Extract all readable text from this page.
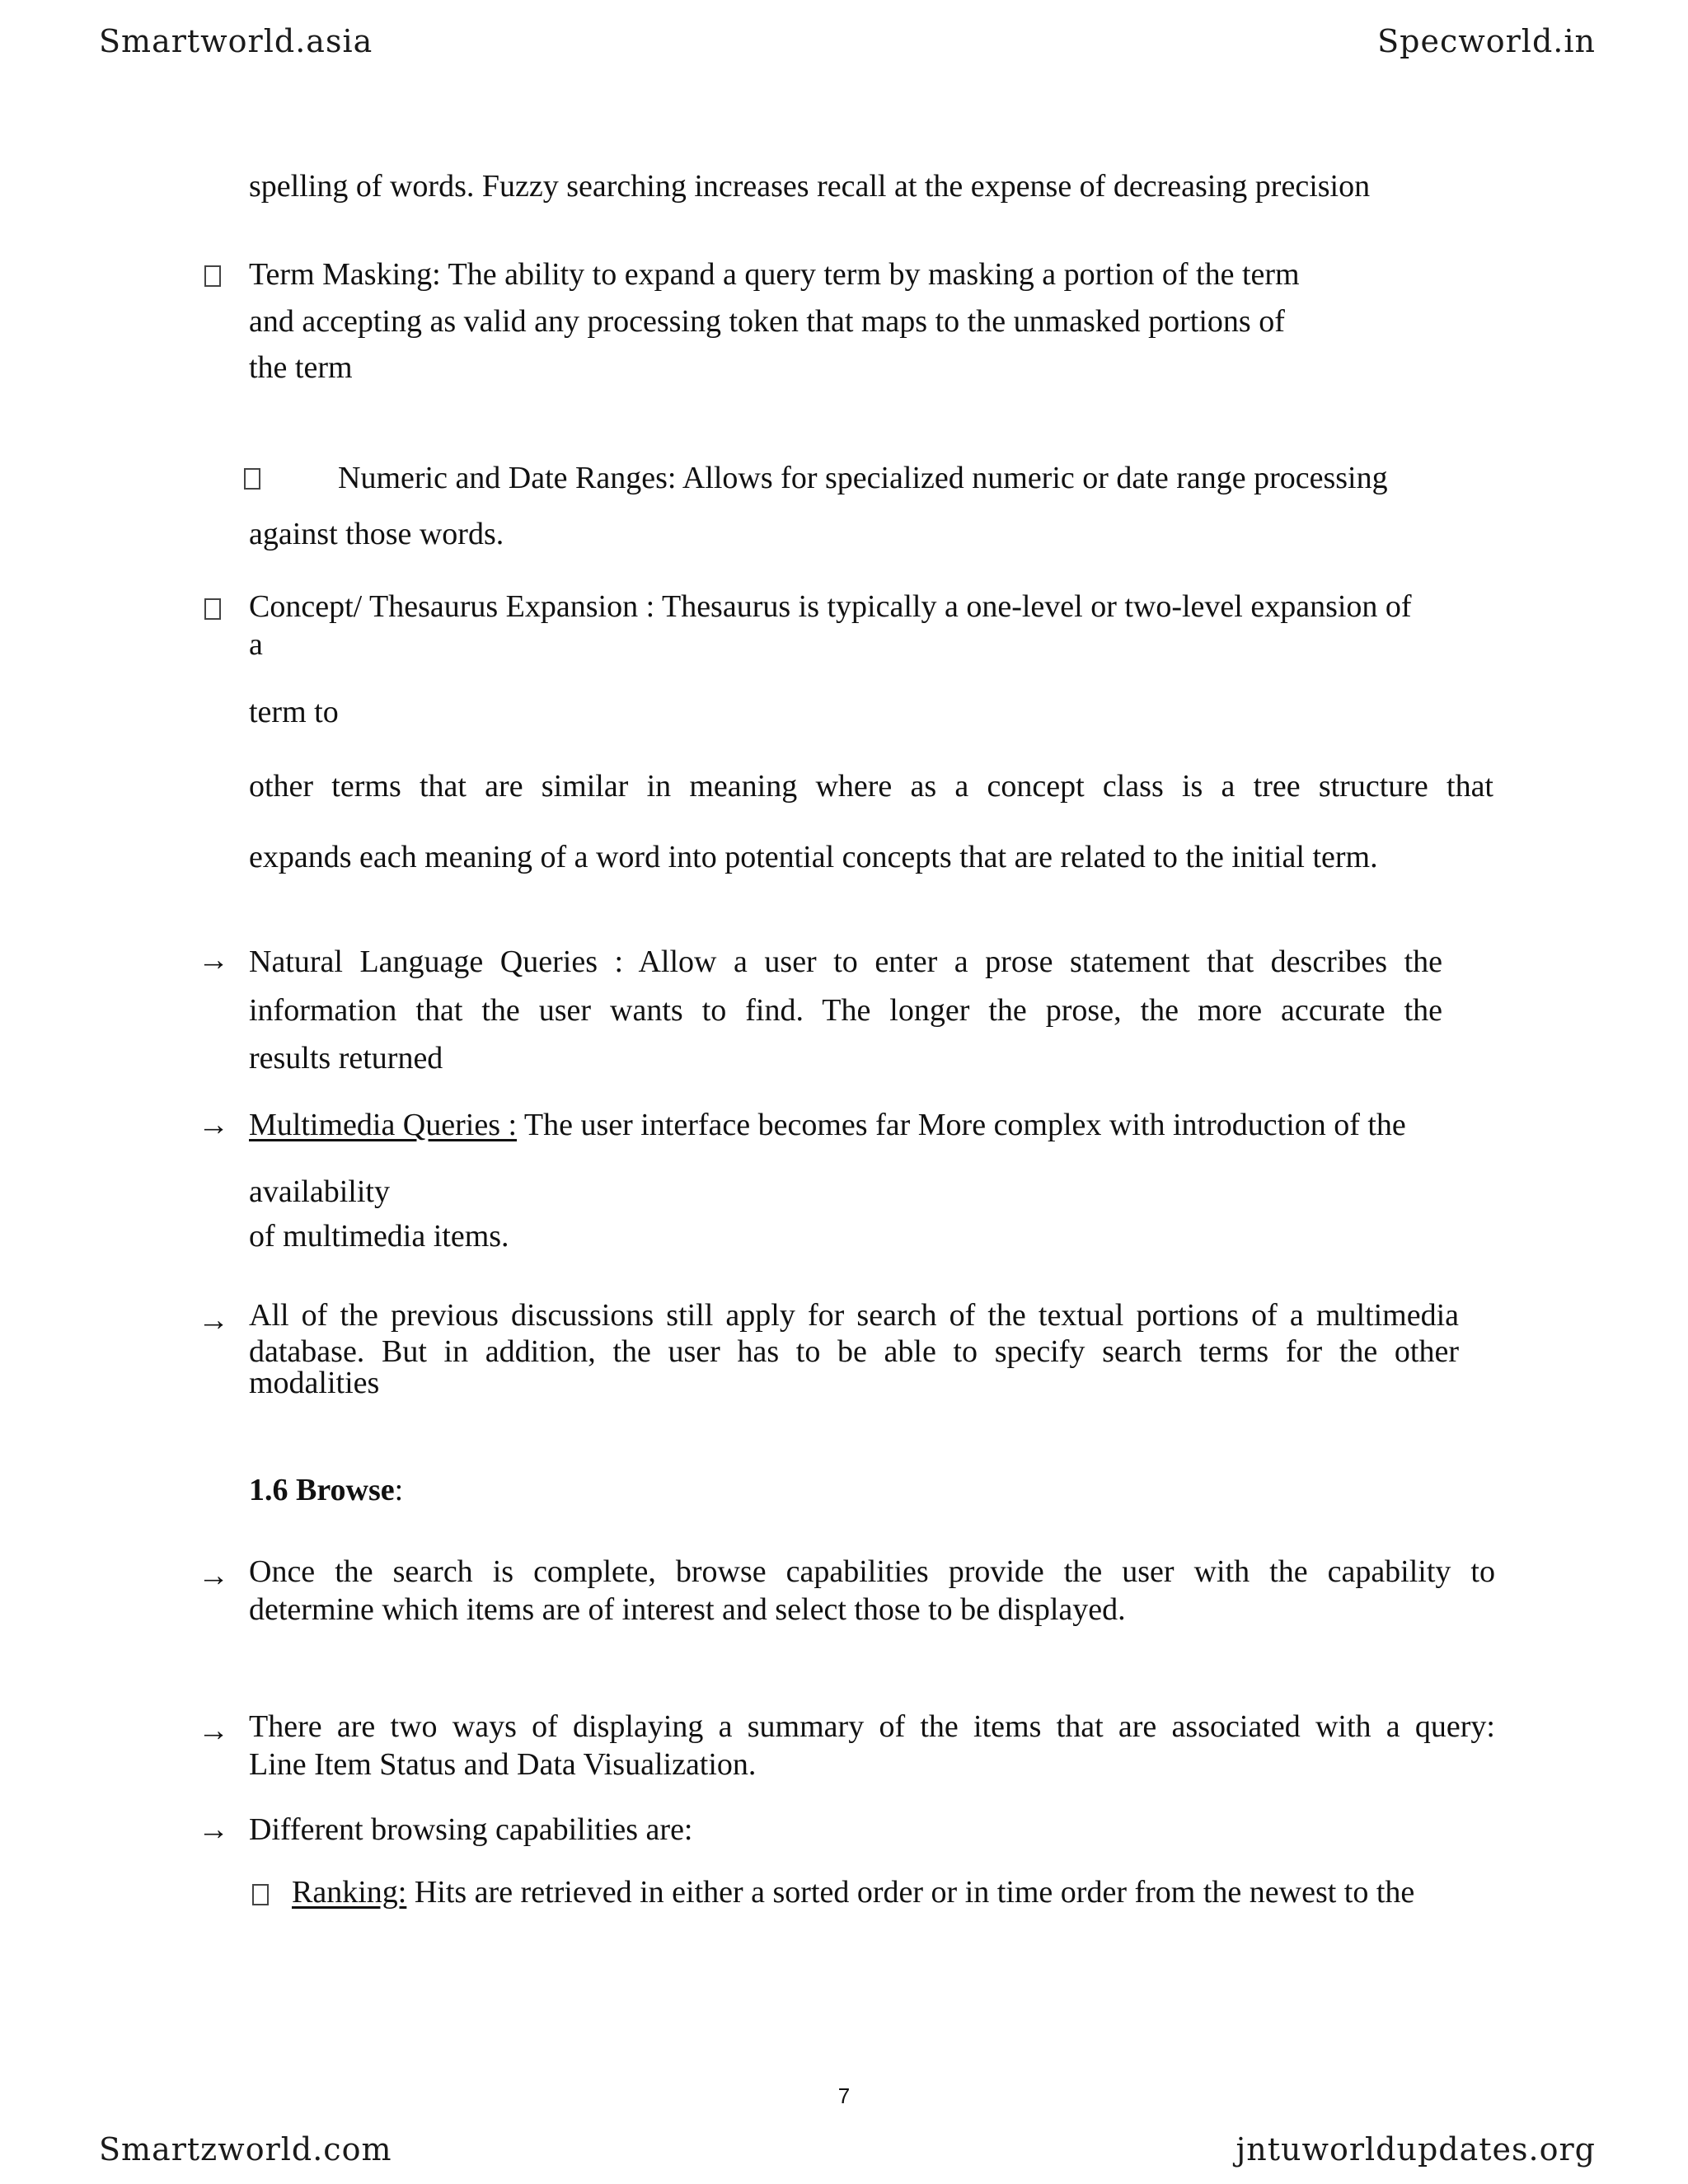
Smartworld.asia	Specworld.in
spelling of words. Fuzzy searching increases recall at the expense of decreasing precision
Term Masking: The ability to expand a query term by masking a portion of the term
and accepting as valid any processing token that maps to the unmasked portions of
the term
Numeric and Date Ranges: Allows for specialized numeric or date range processing
against those words.
Concept/ Thesaurus Expansion : Thesaurus is typically a one-level or two-level expansion of
a
term to
other terms that are similar in meaning where as a concept class is a tree structure that
expands each meaning of a word into potential concepts that are related to the initial term.
→ Natural Language Queries : Allow a user to enter a prose statement that describes the
information that the user wants to find. The longer the prose, the more accurate the
results returned
→ Multimedia Queries : The user interface becomes far More complex with introduction of the
availability
of multimedia items.
→ All of the previous discussions still apply for search of the textual portions of a multimedia
database. But in addition, the user has to be able to specify search terms for the other
modalities
1.6 Browse:
→ Once the search is complete, browse capabilities provide the user with the capability to
determine which items are of interest and select those to be displayed.
→ There are two ways of displaying a summary of the items that are associated with a query:
Line Item Status and Data Visualization.
→ Different browsing capabilities are:
Ranking: Hits are retrieved in either a sorted order or in time order from the newest to the
7
Smartzworld.com	jntuworldupdates.org
